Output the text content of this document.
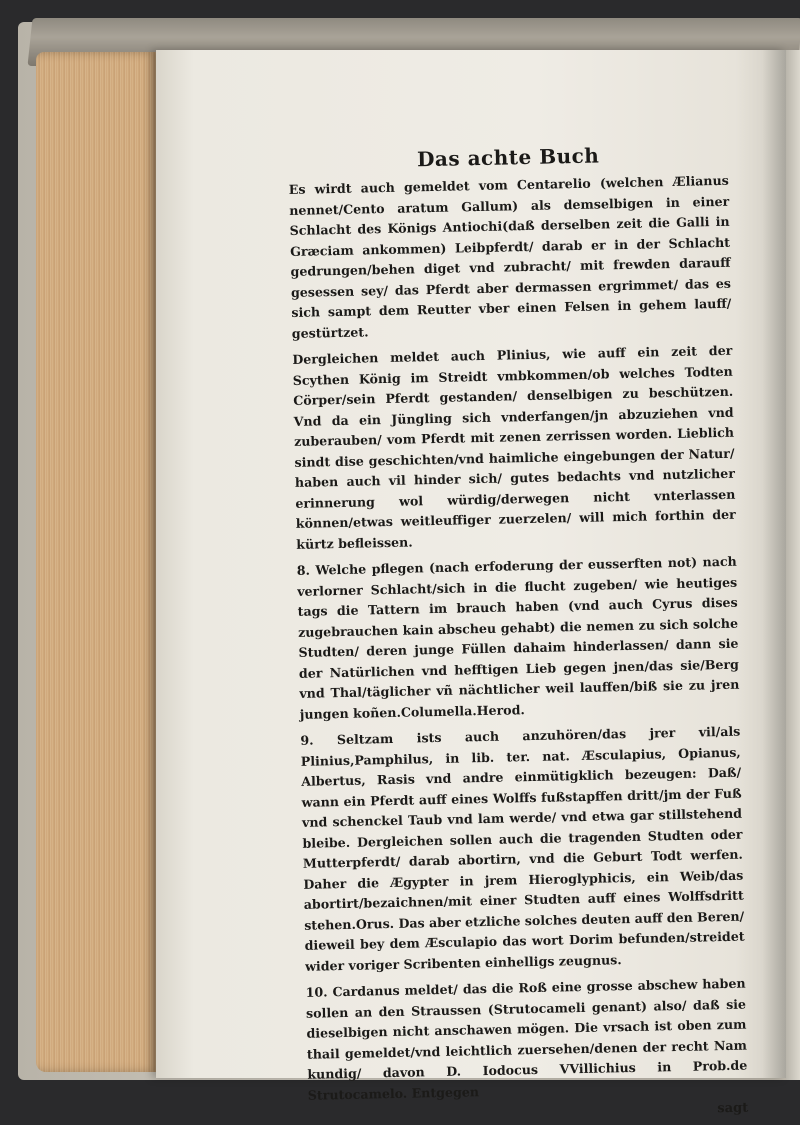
Das achte Buch

Es wirdt auch gemeldet vom Centarelio (welchen Ælianus nennet/Cento aratum Gallum) als demselbigen in einer Schlacht des Königs Antiochi(daß derselben zeit die Galli in Græciam ankommen) Leibpferdt/ darab er in der Schlacht gedrungen/behen diget vnd zubracht/ mit frewden darauff gesessen sey/ das Pferdt aber dermassen ergrimmet/ das es sich sampt dem Reutter vber einen Felsen in gehem lauff/ gestürtzet.

Dergleichen meldet auch Plinius, wie auff ein zeit der Scythen König im Streidt vmbkommen/ob welches Todten Cörper/sein Pferdt gestanden/ denselbigen zu beschützen. Vnd da ein Jüngling sich vnderfangen/jn abzuziehen vnd zuberauben/ vom Pferdt mit zenen zerrissen worden. Lieblich sindt dise geschichten/vnd haimliche eingebungen der Natur/ haben auch vil hinder sich/ gutes bedachts vnd nutzlicher erinnerung wol würdig/derwegen nicht vnterlassen können/etwas weitleuffiger zuerzelen/ will mich forthin der kürtz befleissen.

8. Welche pflegen (nach erfoderung der eusserften not) nach verlorner Schlacht/sich in die flucht zugeben/ wie heutiges tags die Tattern im brauch haben (vnd auch Cyrus dises zugebrauchen kain abscheu gehabt) die nemen zu sich solche Studten/ deren junge Füllen dahaim hinderlassen/ dann sie der Natürlichen vnd hefftigen Lieb gegen jnen/das sie/Berg vnd Thal/täglicher vñ nächtlicher weil lauffen/biß sie zu jren jungen koñen.Columella.Herod.

9. Seltzam ists auch anzuhören/das jrer vil/als Plinius,Pamphilus, in lib. ter. nat. Æsculapius, Opianus, Albertus, Rasis vnd andre einmütigklich bezeugen: Daß/ wann ein Pferdt auff eines Wolffs fußstapffen dritt/jm der Fuß vnd schenckel Taub vnd lam werde/ vnd etwa gar stillstehend bleibe. Dergleichen sollen auch die tragenden Studten oder Mutterpferdt/ darab abortirn, vnd die Geburt Todt werfen. Daher die Ægypter in jrem Hieroglyphicis, ein Weib/das abortirt/bezaichnen/mit einer Studten auff eines Wolffsdritt stehen.Orus. Das aber etzliche solches deuten auff den Beren/ dieweil bey dem Æsculapio das wort Dorim befunden/streidet wider voriger Scribenten einhelligs zeugnus.

10. Cardanus meldet/ das die Roß eine grosse abschew haben sollen an den Straussen (Strutocameli genant) also/ daß sie dieselbigen nicht anschawen mögen. Die vrsach ist oben zum thail gemeldet/vnd leichtlich zuersehen/denen der recht Nam kundig/ davon D. Iodocus VVillichius in Prob.de Strutocamelo. Entgegen

sagt
